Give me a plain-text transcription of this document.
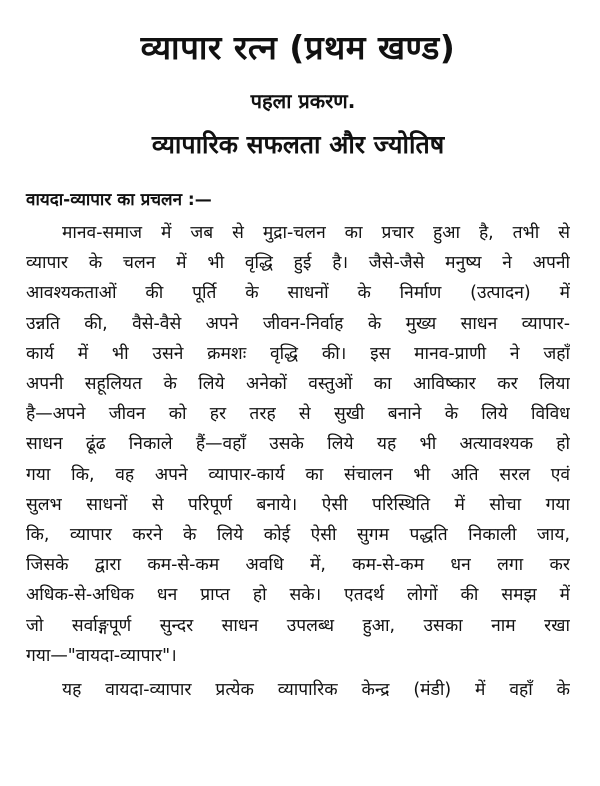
व्यापार रत्न (प्रथम खण्ड)
पहला प्रकरण.
व्यापारिक सफलता और ज्योतिष
वायदा-व्यापार का प्रचलन :—
मानव-समाज में जब से मुद्रा-चलन का प्रचार हुआ है, तभी से
व्यापार के चलन में भी वृद्धि हुई है। जैसे-जैसे मनुष्य ने अपनी
आवश्यकताओं की पूर्ति के साधनों के निर्माण (उत्पादन) में
उन्नति की, वैसे-वैसे अपने जीवन-निर्वाह के मुख्य साधन व्यापार-
कार्य में भी उसने क्रमशः वृद्धि की। इस मानव-प्राणी ने जहाँ
अपनी सहूलियत के लिये अनेकों वस्तुओं का आविष्कार कर लिया
है—अपने जीवन को हर तरह से सुखी बनाने के लिये विविध
साधन ढूंढ निकाले हैं—वहाँ उसके लिये यह भी अत्यावश्यक हो
गया कि, वह अपने व्यापार-कार्य का संचालन भी अति सरल एवं
सुलभ साधनों से परिपूर्ण बनाये। ऐसी परिस्थिति में सोचा गया
कि, व्यापार करने के लिये कोई ऐसी सुगम पद्धति निकाली जाय,
जिसके द्वारा कम-से-कम अवधि में, कम-से-कम धन लगा कर
अधिक-से-अधिक धन प्राप्त हो सके। एतदर्थ लोगों की समझ में
जो सर्वाङ्गपूर्ण सुन्दर साधन उपलब्ध हुआ, उसका नाम रखा
गया—"वायदा-व्यापार"।
यह वायदा-व्यापार प्रत्येक व्यापारिक केन्द्र (मंडी) में वहाँ के
